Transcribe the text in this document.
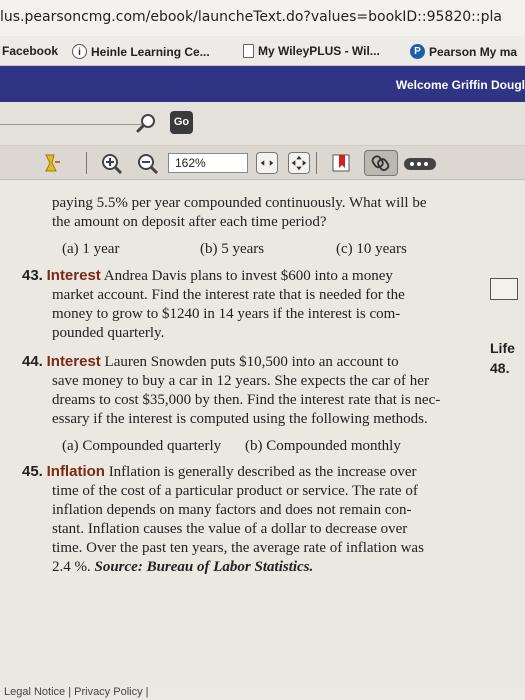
lus.pearsoncmg.com/ebook/launcheText.do?values=bookID::95820::pla
Facebook	i Heinle Learning Ce...	My WileyPLUS - Wil...	P Pearson My ma
Welcome Griffin Dougl
Go
162%
paying 5.5% per year compounded continuously. What will be
the amount on deposit after each time period?
(a) 1 year	(b) 5 years	(c) 10 years
43. Interest Andrea Davis plans to invest $600 into a money
market account. Find the interest rate that is needed for the
money to grow to $1240 in 14 years if the interest is com-
pounded quarterly.
44. Interest Lauren Snowden puts $10,500 into an account to
save money to buy a car in 12 years. She expects the car of her
dreams to cost $35,000 by then. Find the interest rate that is nec-
essary if the interest is computed using the following methods.
(a) Compounded quarterly (b) Compounded monthly
45. Inflation Inflation is generally described as the increase over
time of the cost of a particular product or service. The rate of
inflation depends on many factors and does not remain con-
stant. Inflation causes the value of a dollar to decrease over
time. Over the past ten years, the average rate of inflation was
2.4 %. Source: Bureau of Labor Statistics.
Life
48.
Legal Notice | Privacy Policy |
